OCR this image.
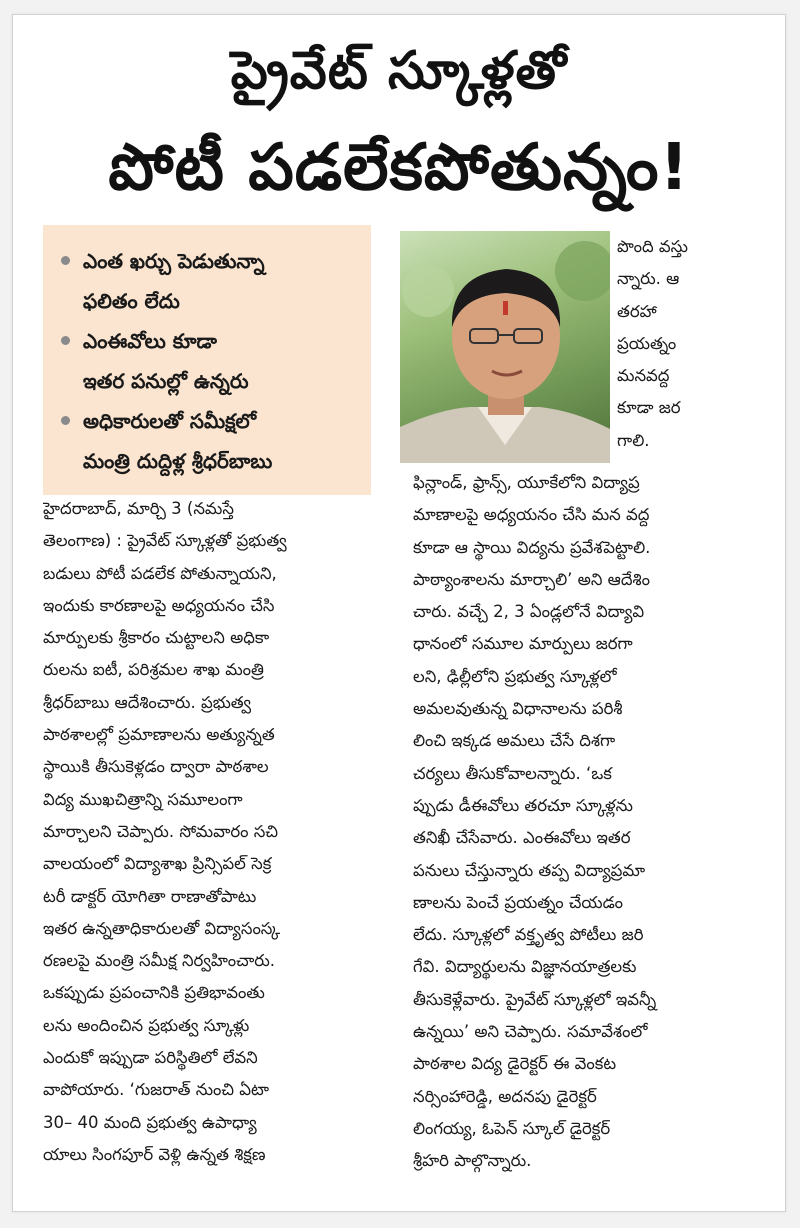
ప్రైవేట్ స్కూళ్లతో
పోటీ పడలేకపోతున్నం!
ఎంత ఖర్చు పెడుతున్నా
ఫలితం లేదు
ఎంఈవోలు కూడా
ఇతర పనుల్లో ఉన్నరు
అధికారులతో సమీక్షలో
మంత్రి దుద్దిళ్ల శ్రీధర్‌బాబు
పొంది వస్తు
న్నారు. ఆ
తరహా
ప్రయత్నం
మనవద్ద
కూడా జర
గాలి.
హైదరాబాద్, మార్చి 3 (నమస్తే
తెలంగాణ) : ప్రైవేట్ స్కూళ్లతో ప్రభుత్వ
బడులు పోటీ పడలేక పోతున్నాయని,
ఇందుకు కారణాలపై అధ్యయనం చేసి
మార్పులకు శ్రీకారం చుట్టాలని అధికా
రులను ఐటీ, పరిశ్రమల శాఖ మంత్రి
శ్రీధర్‌బాబు ఆదేశించారు. ప్రభుత్వ
పాఠశాలల్లో ప్రమాణాలను అత్యున్నత
స్థాయికి తీసుకెళ్లడం ద్వారా పాఠశాల
విద్య ముఖచిత్రాన్ని సమూలంగా
మార్చాలని చెప్పారు. సోమవారం సచి
వాలయంలో విద్యాశాఖ ప్రిన్సిపల్ సెక్ర
టరీ డాక్టర్ యోగితా రాణాతోపాటు
ఇతర ఉన్నతాధికారులతో విద్యాసంస్క
రణలపై మంత్రి సమీక్ష నిర్వహించారు.
ఒకప్పుడు ప్రపంచానికి ప్రతిభావంతు
లను అందించిన ప్రభుత్వ స్కూళ్లు
ఎందుకో ఇప్పుడా పరిస్థితిలో లేవని
వాపోయారు. ‘గుజరాత్ నుంచి ఏటా
30– 40 మంది ప్రభుత్వ ఉపాధ్యా
యాలు సింగపూర్ వెళ్లి ఉన్నత శిక్షణ
ఫిన్లాండ్, ఫ్రాన్స్, యూకేలోని విద్యాప్ర
మాణాలపై అధ్యయనం చేసి మన వద్ద
కూడా ఆ స్థాయి విద్యను ప్రవేశపెట్టాలి.
పాఠ్యాంశాలను మార్చాలి’ అని ఆదేశిం
చారు. వచ్చే 2, 3 ఏండ్లలోనే విద్యావి
ధానంలో సమూల మార్పులు జరగా
లని, ఢిల్లీలోని ప్రభుత్వ స్కూళ్లలో
అమలవుతున్న విధానాలను పరిశీ
లించి ఇక్కడ అమలు చేసే దిశగా
చర్యలు తీసుకోవాలన్నారు. ‘ఒక
ప్పుడు డీఈవోలు తరచూ స్కూళ్లను
తనిఖీ చేసేవారు. ఎంఈవోలు ఇతర
పనులు చేస్తున్నారు తప్ప విద్యాప్రమా
ణాలను పెంచే ప్రయత్నం చేయడం
లేదు. స్కూళ్లలో వక్తృత్వ పోటీలు జరి
గేవి. విద్యార్థులను విజ్ఞానయాత్రలకు
తీసుకెళ్లేవారు. ప్రైవేట్ స్కూళ్లలో ఇవన్నీ
ఉన్నయి’ అని చెప్పారు. సమావేశంలో
పాఠశాల విద్య డైరెక్టర్ ఈ వెంకట
నర్సింహారెడ్డి, అదనపు డైరెక్టర్
లింగయ్య, ఓపెన్ స్కూల్ డైరెక్టర్
శ్రీహరి పాల్గొన్నారు.
